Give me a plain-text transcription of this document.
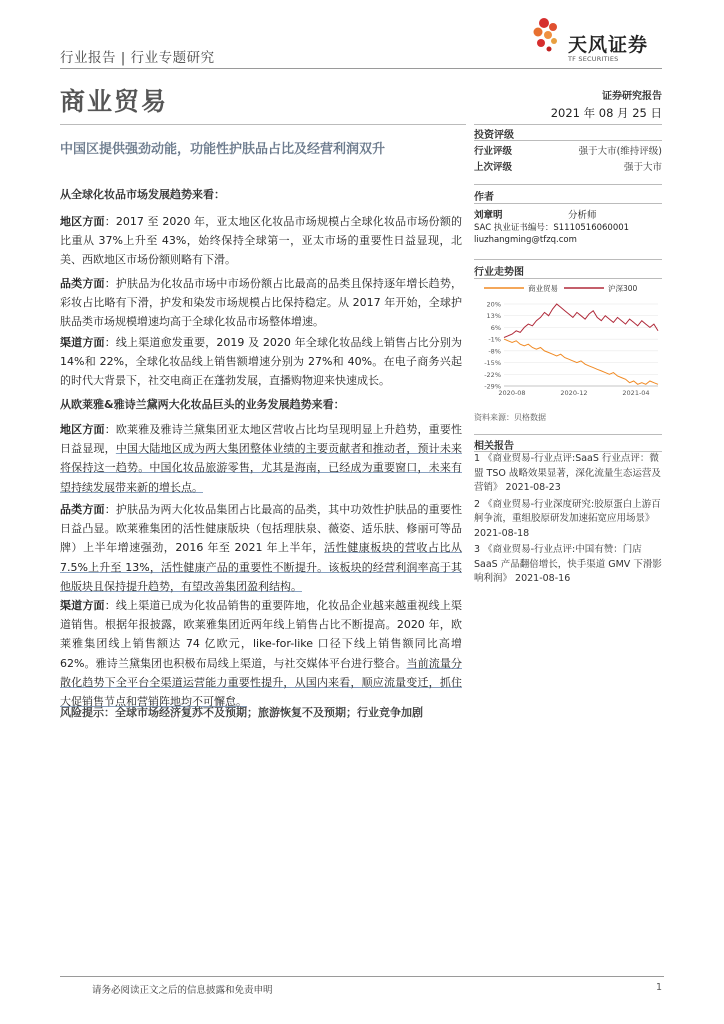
行业报告 | 行业专题研究
天风证券
TF SECURITIES
商业贸易	证券研究报告
2021 年 08 月 25 日
中国区提供强劲动能，功能性护肤品占比及经营利润双升
从全球化妆品市场发展趋势来看：

地区方面：2017 至 2020 年，亚太地区化妆品市场规模占全球化妆品市场份额的比重从 37%上升至 43%，始终保持全球第一，亚太市场的重要性日益显现，北美、西欧地区市场份额则略有下滑。

品类方面：护肤品为化妆品市场中市场份额占比最高的品类且保持逐年增长趋势，彩妆占比略有下滑，护发和染发市场规模占比保持稳定。从 2017 年开始，全球护肤品类市场规模增速均高于全球化妆品市场整体增速。

渠道方面：线上渠道愈发重要，2019 及 2020 年全球化妆品线上销售占比分别为 14%和 22%，全球化妆品线上销售额增速分别为 27%和 40%。在电子商务兴起的时代大背景下，社交电商正在蓬勃发展，直播购物迎来快速成长。

从欧莱雅&雅诗兰黛两大化妆品巨头的业务发展趋势来看：

地区方面：欧莱雅及雅诗兰黛集团亚太地区营收占比均呈现明显上升趋势，重要性日益显现，中国大陆地区成为两大集团整体业绩的主要贡献者和推动者，预计未来将保持这一趋势。中国化妆品旅游零售，尤其是海南，已经成为重要窗口，未来有望持续发展带来新的增长点。

品类方面：护肤品为两大化妆品集团占比最高的品类，其中功效性护肤品的重要性日益凸显。欧莱雅集团的活性健康版块（包括理肤泉、薇姿、适乐肤、修丽可等品牌）上半年增速强劲，2016 年至 2021 年上半年，活性健康板块的营收占比从 7.5%上升至 13%，活性健康产品的重要性不断提升。该板块的经营利润率高于其他版块且保持提升趋势，有望改善集团盈利结构。

渠道方面：线上渠道已成为化妆品销售的重要阵地，化妆品企业越来越重视线上渠道销售。根据年报披露，欧莱雅集团近两年线上销售占比不断提高。2020 年，欧莱雅集团线上销售额达 74 亿欧元，like-for-like 口径下线上销售额同比高增 62%。雅诗兰黛集团也积极布局线上渠道，与社交媒体平台进行整合。当前流量分散化趋势下全平台全渠道运营能力重要性提升，从国内来看，顺应流量变迁，抓住大促销售节点和营销阵地均不可懈怠。

风险提示：全球市场经济复苏不及预期；旅游恢复不及预期；行业竞争加剧
投资评级
行业评级	强于大市(维持评级)
上次评级	强于大市
作者
刘章明	分析师
SAC 执业证书编号：S1110516060001
liuzhangming@tfzq.com
行业走势图
商业贸易	沪深300
20%
13%
6%
-1%
-8%
-15%
-22%
-29%
2020-08	2020-12	2021-04
资料来源：贝格数据
相关报告
1 《商业贸易-行业点评:SaaS 行业点评：微盟 TSO 战略效果显著，深化流量生态运营及营销》 2021-08-23
2 《商业贸易-行业深度研究:胶原蛋白上游百舸争流，重组胶原研发加速拓宽应用场景》 2021-08-18
3 《商业贸易-行业点评:中国有赞：门店 SaaS 产品翻倍增长，快手渠道 GMV 下滑影响利润》 2021-08-16
请务必阅读正文之后的信息披露和免责申明	1
